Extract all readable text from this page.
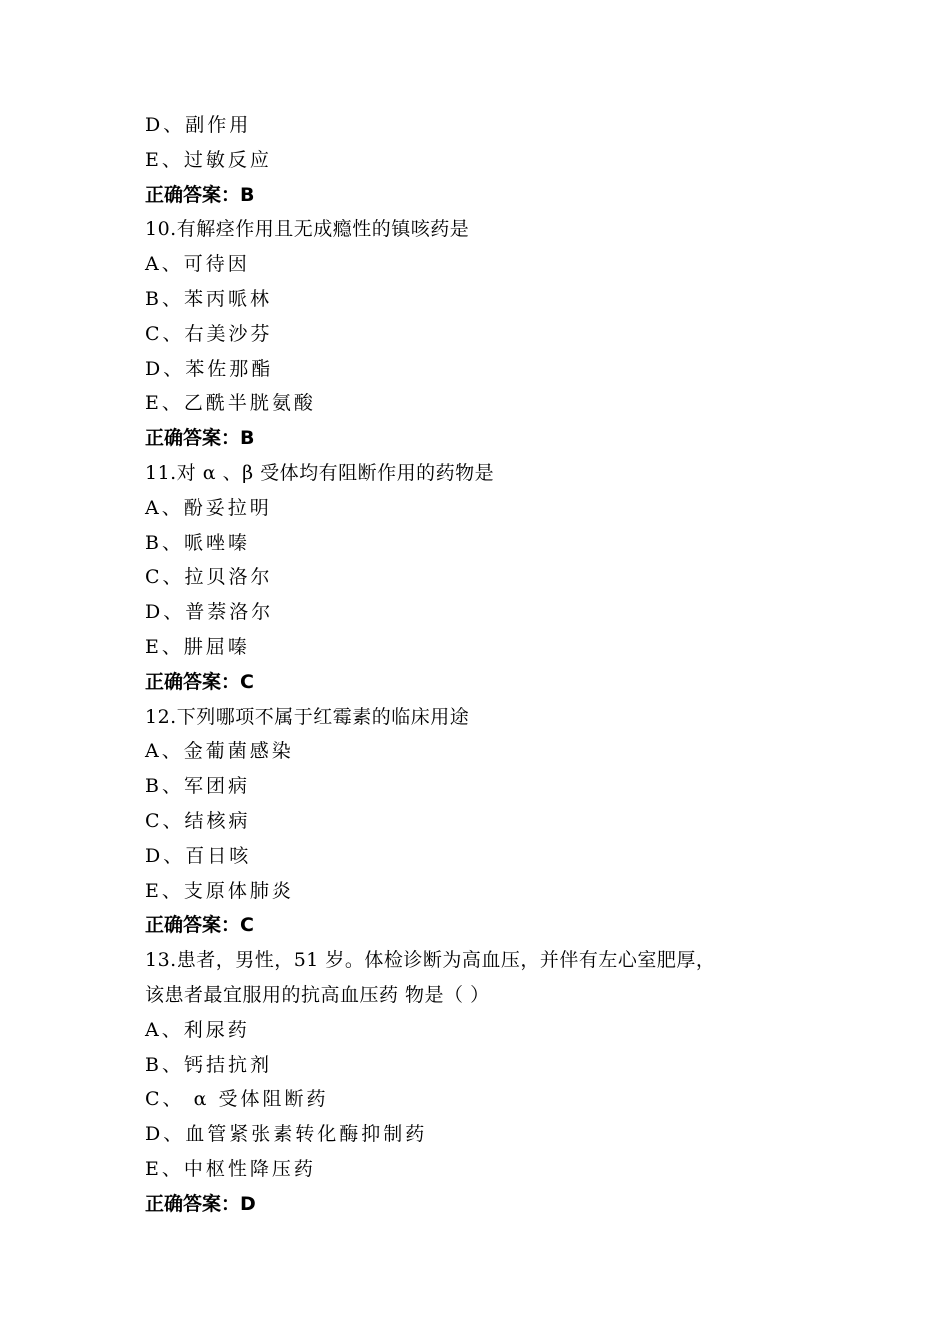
D、副作用
E、过敏反应
正确答案：B
10.有解痉作用且无成瘾性的镇咳药是
A、可待因
B、苯丙哌林
C、右美沙芬
D、苯佐那酯
E、乙酰半胱氨酸
正确答案：B
11.对 α 、β 受体均有阻断作用的药物是
A、酚妥拉明
B、哌唑嗪
C、拉贝洛尔
D、普萘洛尔
E、肼屈嗪
正确答案：C
12.下列哪项不属于红霉素的临床用途
A、金葡菌感染
B、军团病
C、结核病
D、百日咳
E、支原体肺炎
正确答案：C
13.患者，男性，51 岁。体检诊断为高血压，并伴有左心室肥厚，
该患者最宜服用的抗高血压药 物是（ ）
A、利尿药
B、钙拮抗剂
C、 α 受体阻断药
D、血管紧张素转化酶抑制药
E、中枢性降压药
正确答案：D
